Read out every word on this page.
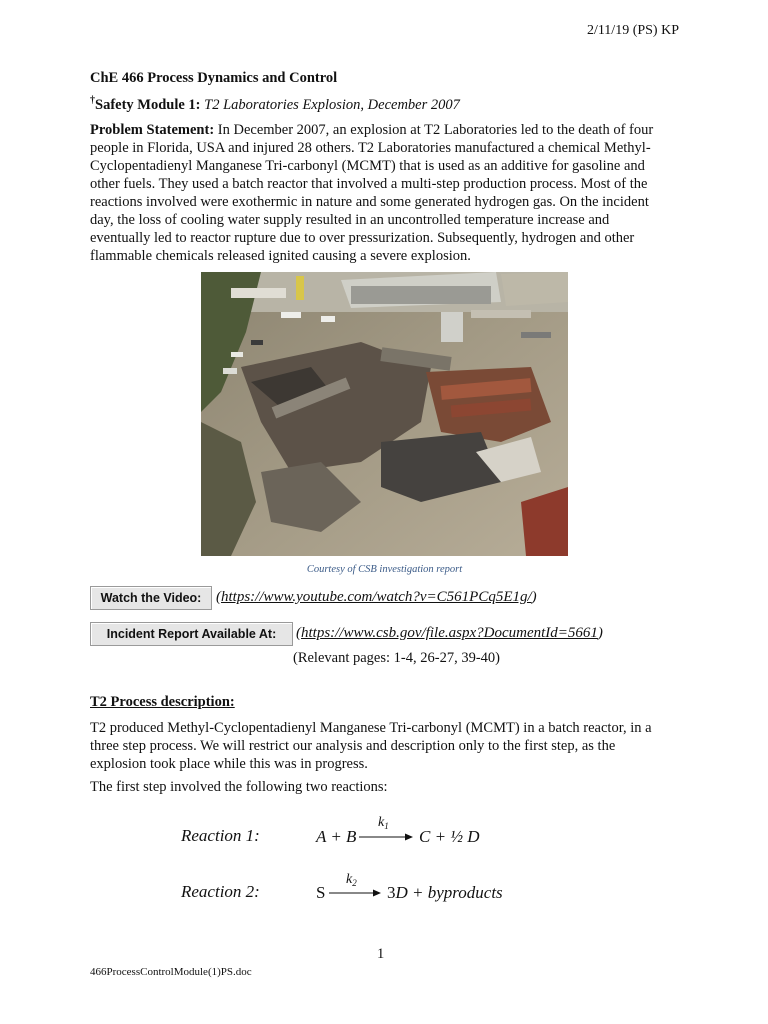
2/11/19 (PS) KP
ChE 466 Process Dynamics and Control
†Safety Module 1: T2 Laboratories Explosion, December 2007
Problem Statement: In December 2007, an explosion at T2 Laboratories led to the death of four
people in Florida, USA and injured 28 others. T2 Laboratories manufactured a chemical Methyl-
Cyclopentadienyl Manganese Tri-carbonyl (MCMT) that is used as an additive for gasoline and
other fuels. They used a batch reactor that involved a multi-step production process. Most of the
reactions involved were exothermic in nature and some generated hydrogen gas. On the incident
day, the loss of cooling water supply resulted in an uncontrolled temperature increase and
eventually led to reactor rupture due to over pressurization. Subsequently, hydrogen and other
flammable chemicals released ignited causing a severe explosion.
Courtesy of CSB investigation report
Watch the Video: (https://www.youtube.com/watch?v=C561PCq5E1g/)
Incident Report Available At:	(https://www.csb.gov/file.aspx?DocumentId=5661)
(Relevant pages: 1-4, 26-27, 39-40)
T2 Process description:
T2 produced Methyl-Cyclopentadienyl Manganese Tri-carbonyl (MCMT) in a batch reactor, in a
three step process. We will restrict our analysis and description only to the first step, as the
explosion took place while this was in progress.
The first step involved the following two reactions:
Reaction 1:	A + B
$k_1$
C + ½ D
Reaction 2:	S
$k_2$ 3D + byproducts
1
466ProcessControlModule(1)PS.doc
